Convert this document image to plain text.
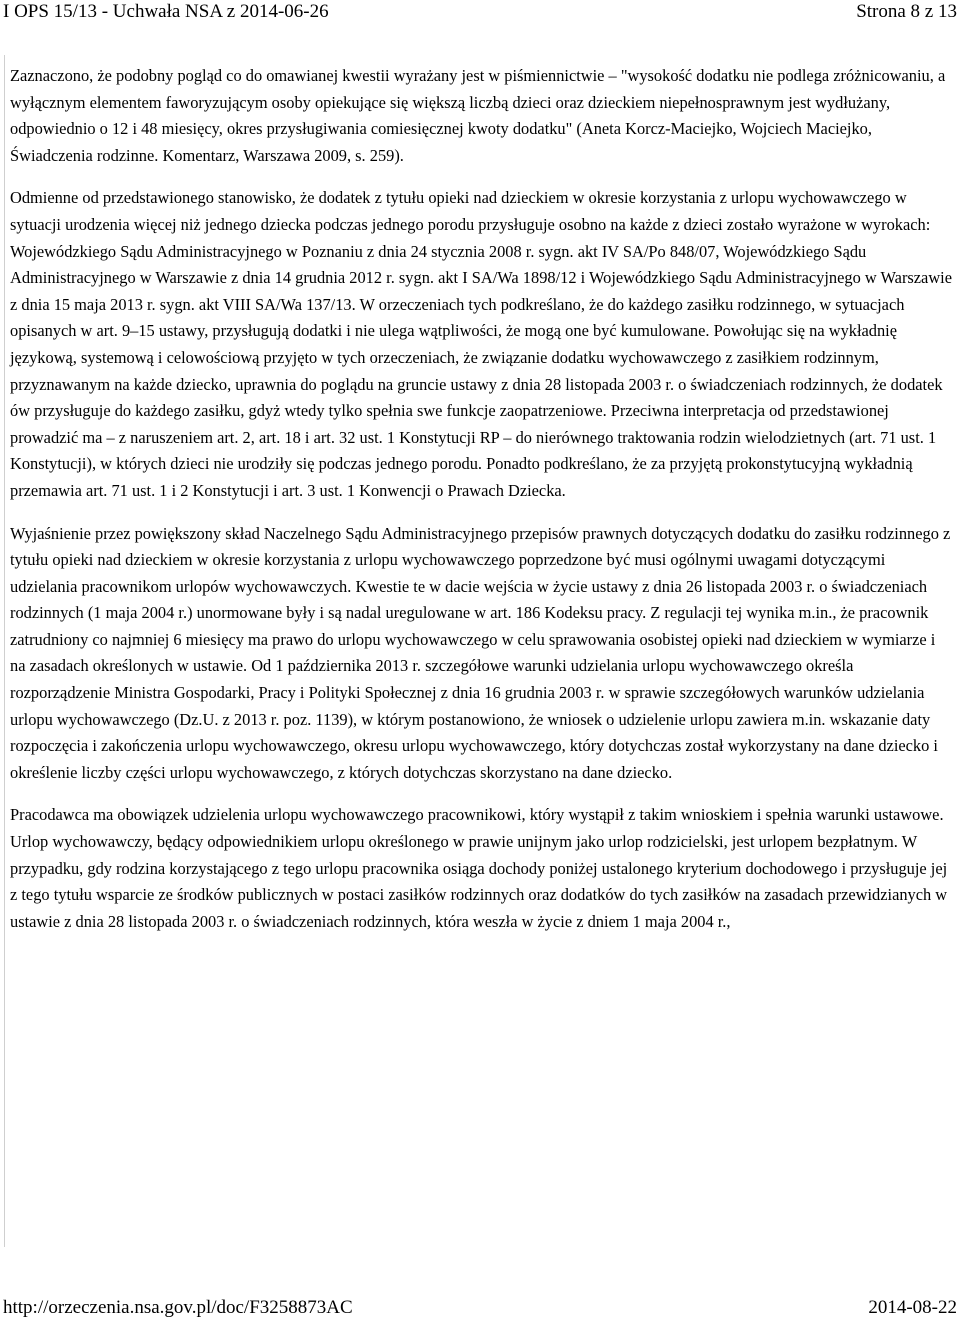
I OPS 15/13 - Uchwała NSA z 2014-06-26	Strona 8 z 13

Zaznaczono, że podobny pogląd co do omawianej kwestii wyrażany jest w piśmiennictwie – "wysokość dodatku nie podlega zróżnicowaniu, a wyłącznym elementem faworyzującym osoby opiekujące się większą liczbą dzieci oraz dzieckiem niepełnosprawnym jest wydłużany, odpowiednio o 12 i 48 miesięcy, okres przysługiwania comiesięcznej kwoty dodatku" (Aneta Korcz-Maciejko, Wojciech Maciejko, Świadczenia rodzinne. Komentarz, Warszawa 2009, s. 259).

Odmienne od przedstawionego stanowisko, że dodatek z tytułu opieki nad dzieckiem w okresie korzystania z urlopu wychowawczego w sytuacji urodzenia więcej niż jednego dziecka podczas jednego porodu przysługuje osobno na każde z dzieci zostało wyrażone w wyrokach: Wojewódzkiego Sądu Administracyjnego w Poznaniu z dnia 24 stycznia 2008 r. sygn. akt IV SA/Po 848/07, Wojewódzkiego Sądu Administracyjnego w Warszawie z dnia 14 grudnia 2012 r. sygn. akt I SA/Wa 1898/12 i Wojewódzkiego Sądu Administracyjnego w Warszawie z dnia 15 maja 2013 r. sygn. akt VIII SA/Wa 137/13. W orzeczeniach tych podkreślano, że do każdego zasiłku rodzinnego, w sytuacjach opisanych w art. 9–15 ustawy, przysługują dodatki i nie ulega wątpliwości, że mogą one być kumulowane. Powołując się na wykładnię językową, systemową i celowościową przyjęto w tych orzeczeniach, że związanie dodatku wychowawczego z zasiłkiem rodzinnym, przyznawanym na każde dziecko, uprawnia do poglądu na gruncie ustawy z dnia 28 listopada 2003 r. o świadczeniach rodzinnych, że dodatek ów przysługuje do każdego zasiłku, gdyż wtedy tylko spełnia swe funkcje zaopatrzeniowe. Przeciwna interpretacja od przedstawionej prowadzić ma – z naruszeniem art. 2, art. 18 i art. 32 ust. 1 Konstytucji RP – do nierównego traktowania rodzin wielodzietnych (art. 71 ust. 1 Konstytucji), w których dzieci nie urodziły się podczas jednego porodu. Ponadto podkreślano, że za przyjętą prokonstytucyjną wykładnią przemawia art. 71 ust. 1 i 2 Konstytucji i art. 3 ust. 1 Konwencji o Prawach Dziecka.

Wyjaśnienie przez powiększony skład Naczelnego Sądu Administracyjnego przepisów prawnych dotyczących dodatku do zasiłku rodzinnego z tytułu opieki nad dzieckiem w okresie korzystania z urlopu wychowawczego poprzedzone być musi ogólnymi uwagami dotyczącymi udzielania pracownikom urlopów wychowawczych. Kwestie te w dacie wejścia w życie ustawy z dnia 26 listopada 2003 r. o świadczeniach rodzinnych (1 maja 2004 r.) unormowane były i są nadal uregulowane w art. 186 Kodeksu pracy. Z regulacji tej wynika m.in., że pracownik zatrudniony co najmniej 6 miesięcy ma prawo do urlopu wychowawczego w celu sprawowania osobistej opieki nad dzieckiem w wymiarze i na zasadach określonych w ustawie. Od 1 października 2013 r. szczegółowe warunki udzielania urlopu wychowawczego określa rozporządzenie Ministra Gospodarki, Pracy i Polityki Społecznej z dnia 16 grudnia 2003 r. w sprawie szczegółowych warunków udzielania urlopu wychowawczego (Dz.U. z 2013 r. poz. 1139), w którym postanowiono, że wniosek o udzielenie urlopu zawiera m.in. wskazanie daty rozpoczęcia i zakończenia urlopu wychowawczego, okresu urlopu wychowawczego, który dotychczas został wykorzystany na dane dziecko i określenie liczby części urlopu wychowawczego, z których dotychczas skorzystano na dane dziecko.

Pracodawca ma obowiązek udzielenia urlopu wychowawczego pracownikowi, który wystąpił z takim wnioskiem i spełnia warunki ustawowe. Urlop wychowawczy, będący odpowiednikiem urlopu określonego w prawie unijnym jako urlop rodzicielski, jest urlopem bezpłatnym. W przypadku, gdy rodzina korzystającego z tego urlopu pracownika osiąga dochody poniżej ustalonego kryterium dochodowego i przysługuje jej z tego tytułu wsparcie ze środków publicznych w postaci zasiłków rodzinnych oraz dodatków do tych zasiłków na zasadach przewidzianych w ustawie z dnia 28 listopada 2003 r. o świadczeniach rodzinnych, która weszła w życie z dniem 1 maja 2004 r.,

http://orzeczenia.nsa.gov.pl/doc/F3258873AC	2014-08-22
